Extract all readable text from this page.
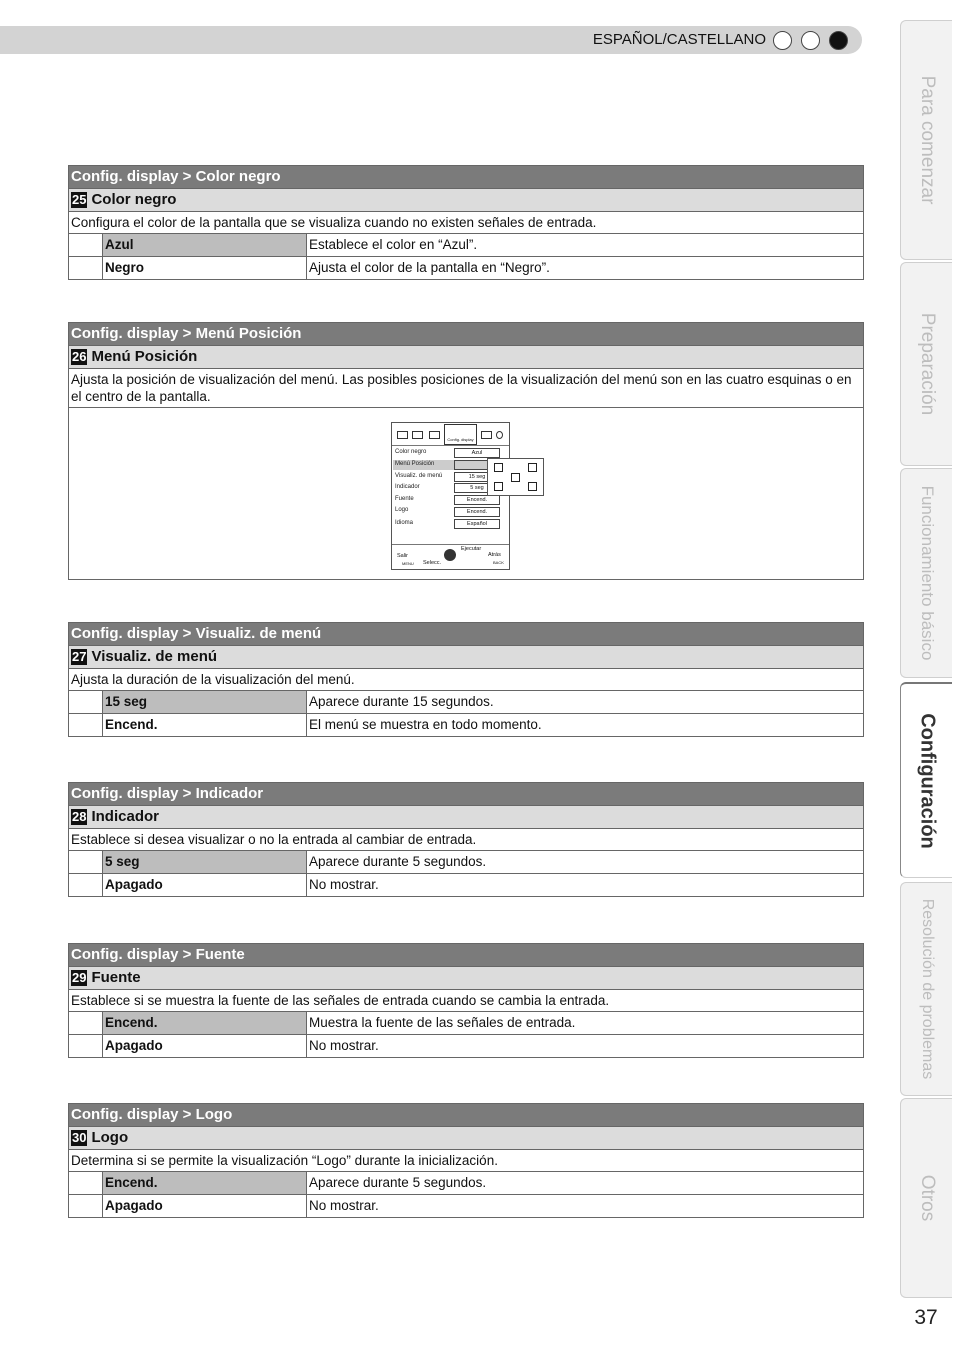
ESPAÑOL/CASTELLANO
Para comenzar
Preparación
Funcionamiento básico
Configuración
Resolución de problemas
Otros
37
Config. display > Color negro
25 Color negro
Configura el color de la pantalla que se visualiza cuando no existen señales de entrada.
Azul	Establece el color en “Azul”.
Negro	Ajusta el color de la pantalla en “Negro”.
Config. display > Menú Posición
26 Menú Posición
Ajusta la posición de visualización del menú. Las posibles posiciones de la visualización del menú son en las cuatro esquinas o en el centro de la pantalla.
Config. display
Color negro	Azul
Menú Posición
Visualiz. de menú	15 seg
Indicador	5 seg
Fuente	Encend.
Logo	Encend.
Idioma	Español
Salir
MENU Selecc.
Ejecutar
Atrás
BACK
Config. display > Visualiz. de menú
27 Visualiz. de menú
Ajusta la duración de la visualización del menú.
15 seg	Aparece durante 15 segundos.
Encend.	El menú se muestra en todo momento.
Config. display > Indicador
28 Indicador
Establece si desea visualizar o no la entrada al cambiar de entrada.
5 seg	Aparece durante 5 segundos.
Apagado	No mostrar.
Config. display > Fuente
29 Fuente
Establece si se muestra la fuente de las señales de entrada cuando se cambia la entrada.
Encend.	Muestra la fuente de las señales de entrada.
Apagado	No mostrar.
Config. display > Logo
30 Logo
Determina si se permite la visualización “Logo” durante la inicialización.
Encend.	Aparece durante 5 segundos.
Apagado	No mostrar.
